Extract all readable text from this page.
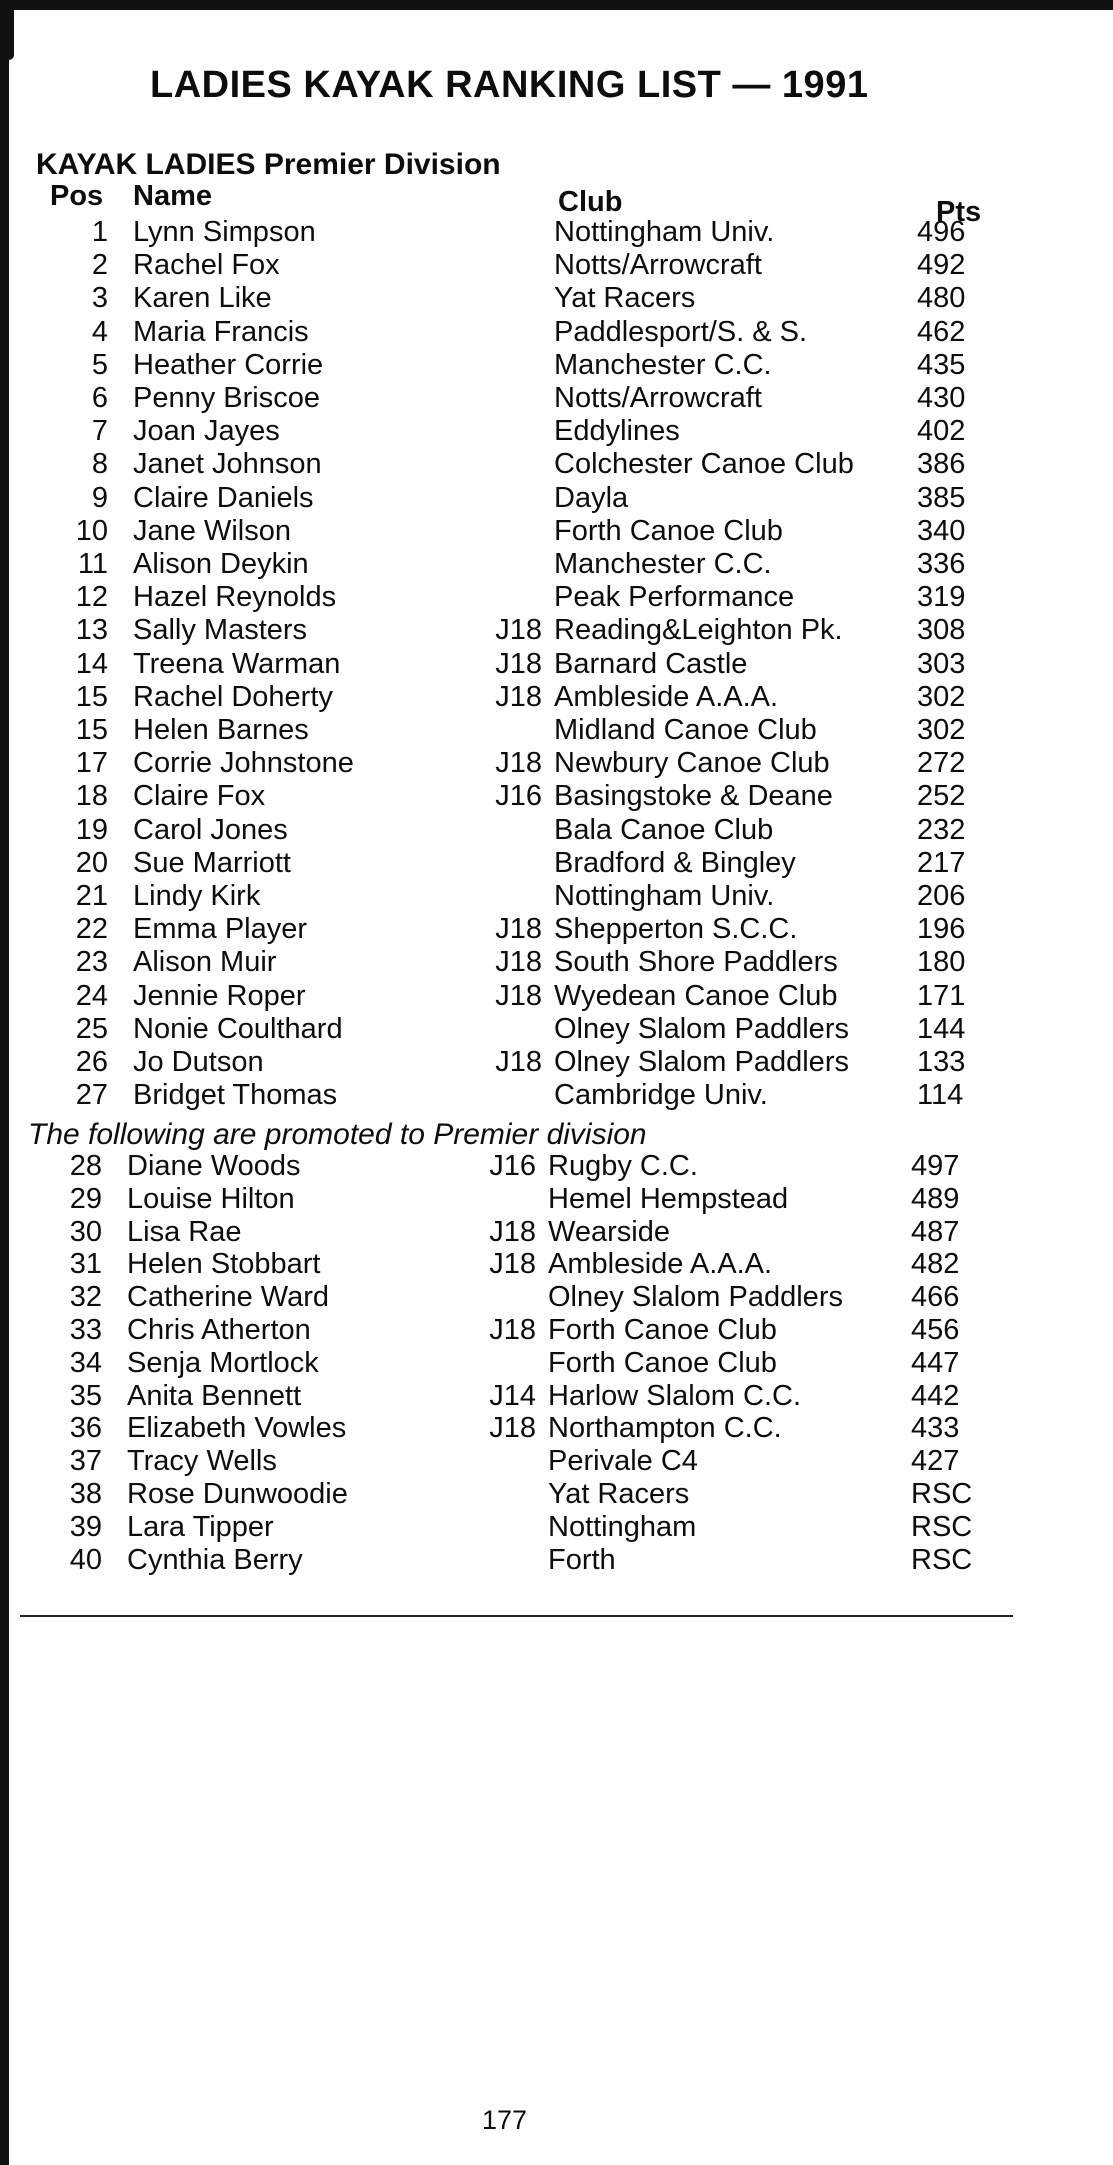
LADIES KAYAK RANKING LIST — 1991
KAYAK LADIES Premier Division
Pos Name	Club	Pts
1 Lynn Simpson	Nottingham Univ.	496
2 Rachel Fox	Notts/Arrowcraft	492
3 Karen Like	Yat Racers	480
4 Maria Francis	Paddlesport/S. & S.	462
5 Heather Corrie	Manchester C.C.	435
6 Penny Briscoe	Notts/Arrowcraft	430
7 Joan Jayes	Eddylines	402
8 Janet Johnson	Colchester Canoe Club 386
9 Claire Daniels	Dayla	385
10 Jane Wilson	Forth Canoe Club	340
11 Alison Deykin	Manchester C.C.	336
12 Hazel Reynolds	Peak Performance	319
13 Sally Masters	J18 Reading&Leighton Pk.	308
14 Treena Warman	J18 Barnard Castle	303
15 Rachel Doherty	J18 Ambleside A.A.A.	302
15 Helen Barnes	Midland Canoe Club	302
17 Corrie Johnstone	J18 Newbury Canoe Club	272
18 Claire Fox	J16 Basingstoke & Deane	252
19 Carol Jones	Bala Canoe Club	232
20 Sue Marriott	Bradford & Bingley	217
21 Lindy Kirk	Nottingham Univ.	206
22 Emma Player	J18 Shepperton S.C.C.	196
23 Alison Muir	J18 South Shore Paddlers	180
24 Jennie Roper	J18 Wyedean Canoe Club	171
25 Nonie Coulthard	Olney Slalom Paddlers 144
26 Jo Dutson	J18 Olney Slalom Paddlers 133
27 Bridget Thomas	Cambridge Univ.	114
28 Diane Woods	J16 Rugby C.C.	497
29 Louise Hilton	Hemel Hempstead	489
30 Lisa Rae	J18 Wearside	487
31 Helen Stobbart	J18 Ambleside A.A.A.	482
32 Catherine Ward	Olney Slalom Paddlers 466
33 Chris Atherton	J18 Forth Canoe Club	456
34 Senja Mortlock	Forth Canoe Club	447
35 Anita Bennett	J14 Harlow Slalom C.C.	442
36 Elizabeth Vowles	J18 Northampton C.C.	433
37 Tracy Wells	Perivale C4	427
38 Rose Dunwoodie	Yat Racers	RSC
39 Lara Tipper	Nottingham	RSC
40 Cynthia Berry	Forth	RSC
The following are promoted to Premier division
177
